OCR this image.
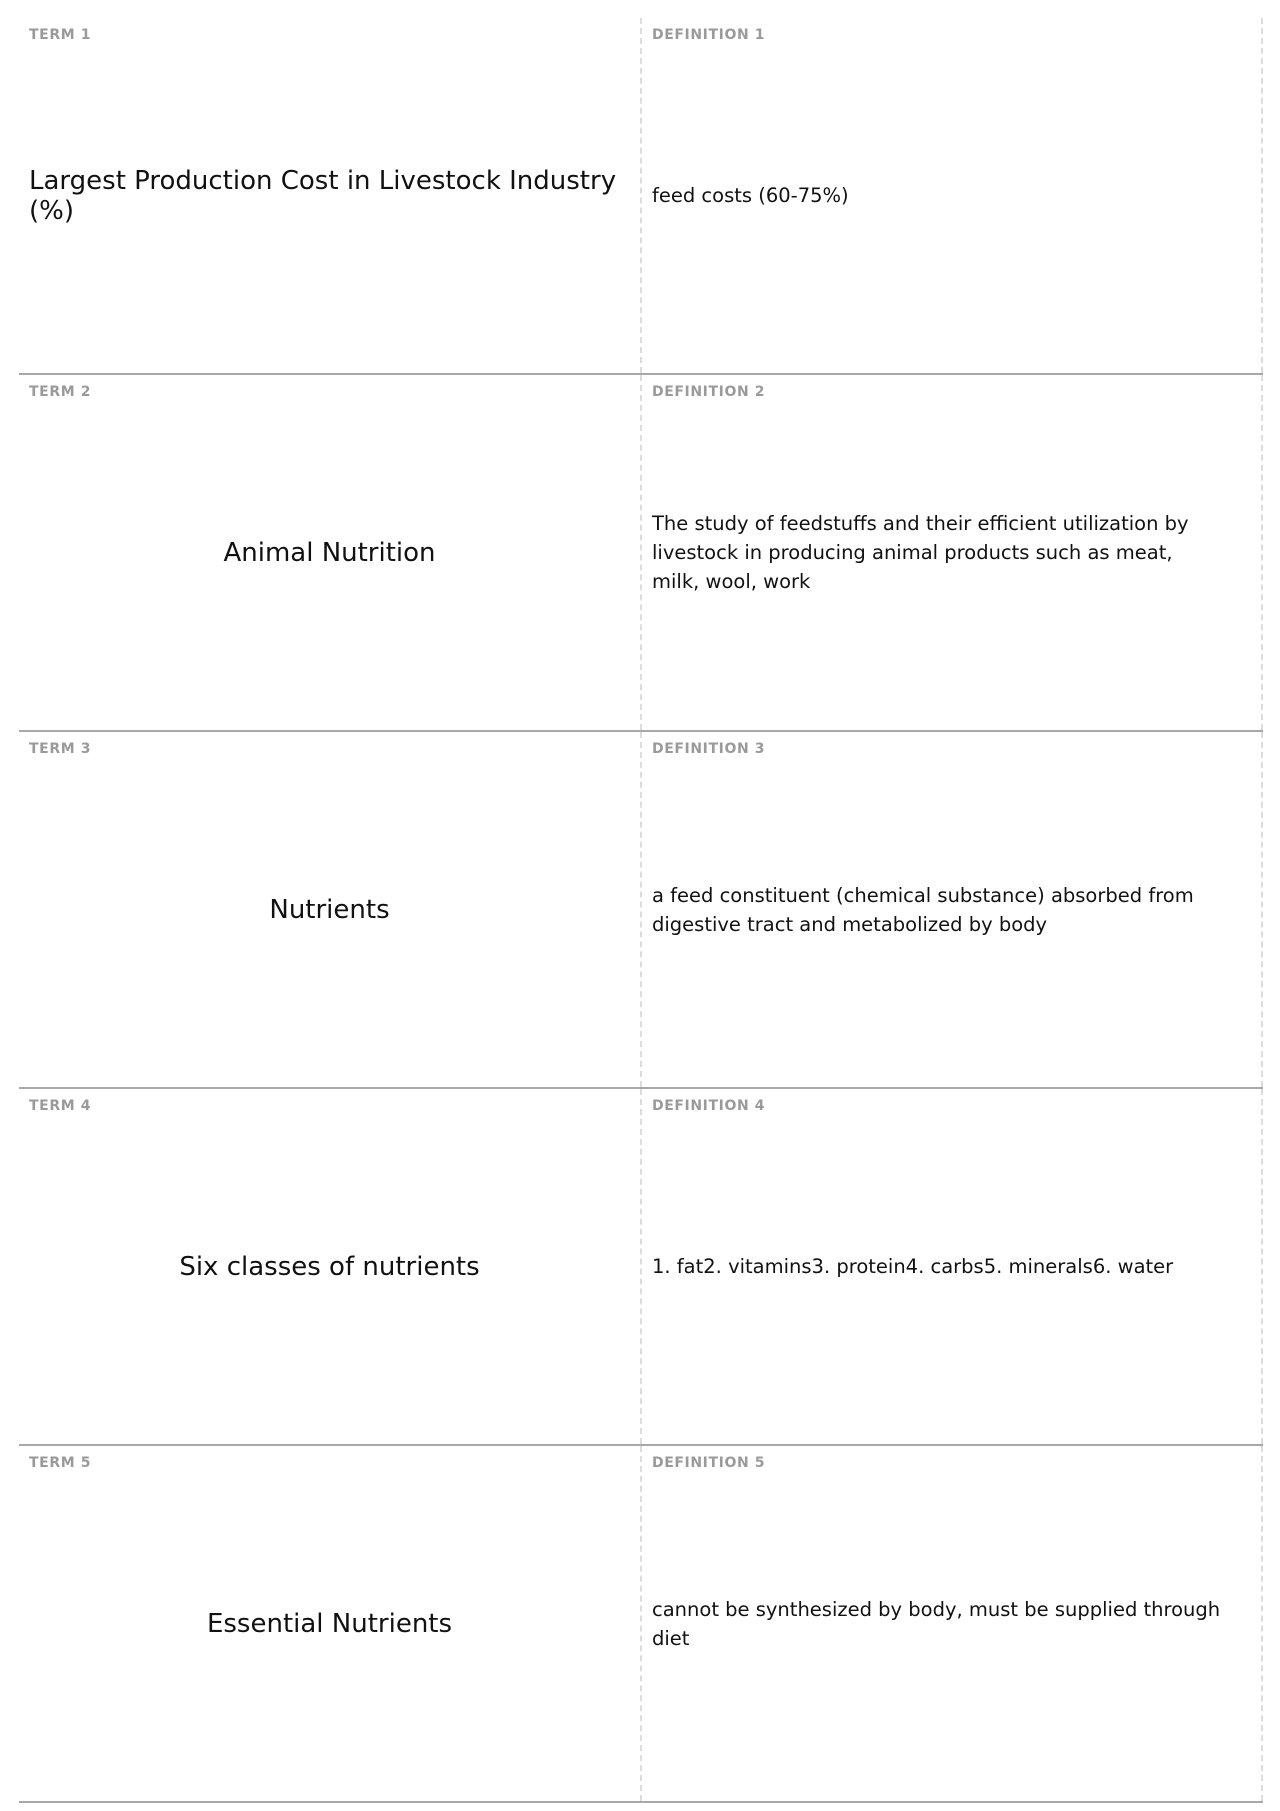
TERM 1
Largest Production Cost in Livestock Industry (%)
DEFINITION 1
feed costs (60-75%)
TERM 2
Animal Nutrition
DEFINITION 2
The study of feedstuffs and their efficient utilization by livestock in producing animal products such as meat, milk, wool, work
TERM 3
Nutrients
DEFINITION 3
a feed constituent (chemical substance) absorbed from digestive tract and metabolized by body
TERM 4
Six classes of nutrients
DEFINITION 4
1. fat2. vitamins3. protein4. carbs5. minerals6. water
TERM 5
Essential Nutrients
DEFINITION 5
cannot be synthesized by body, must be supplied through diet
